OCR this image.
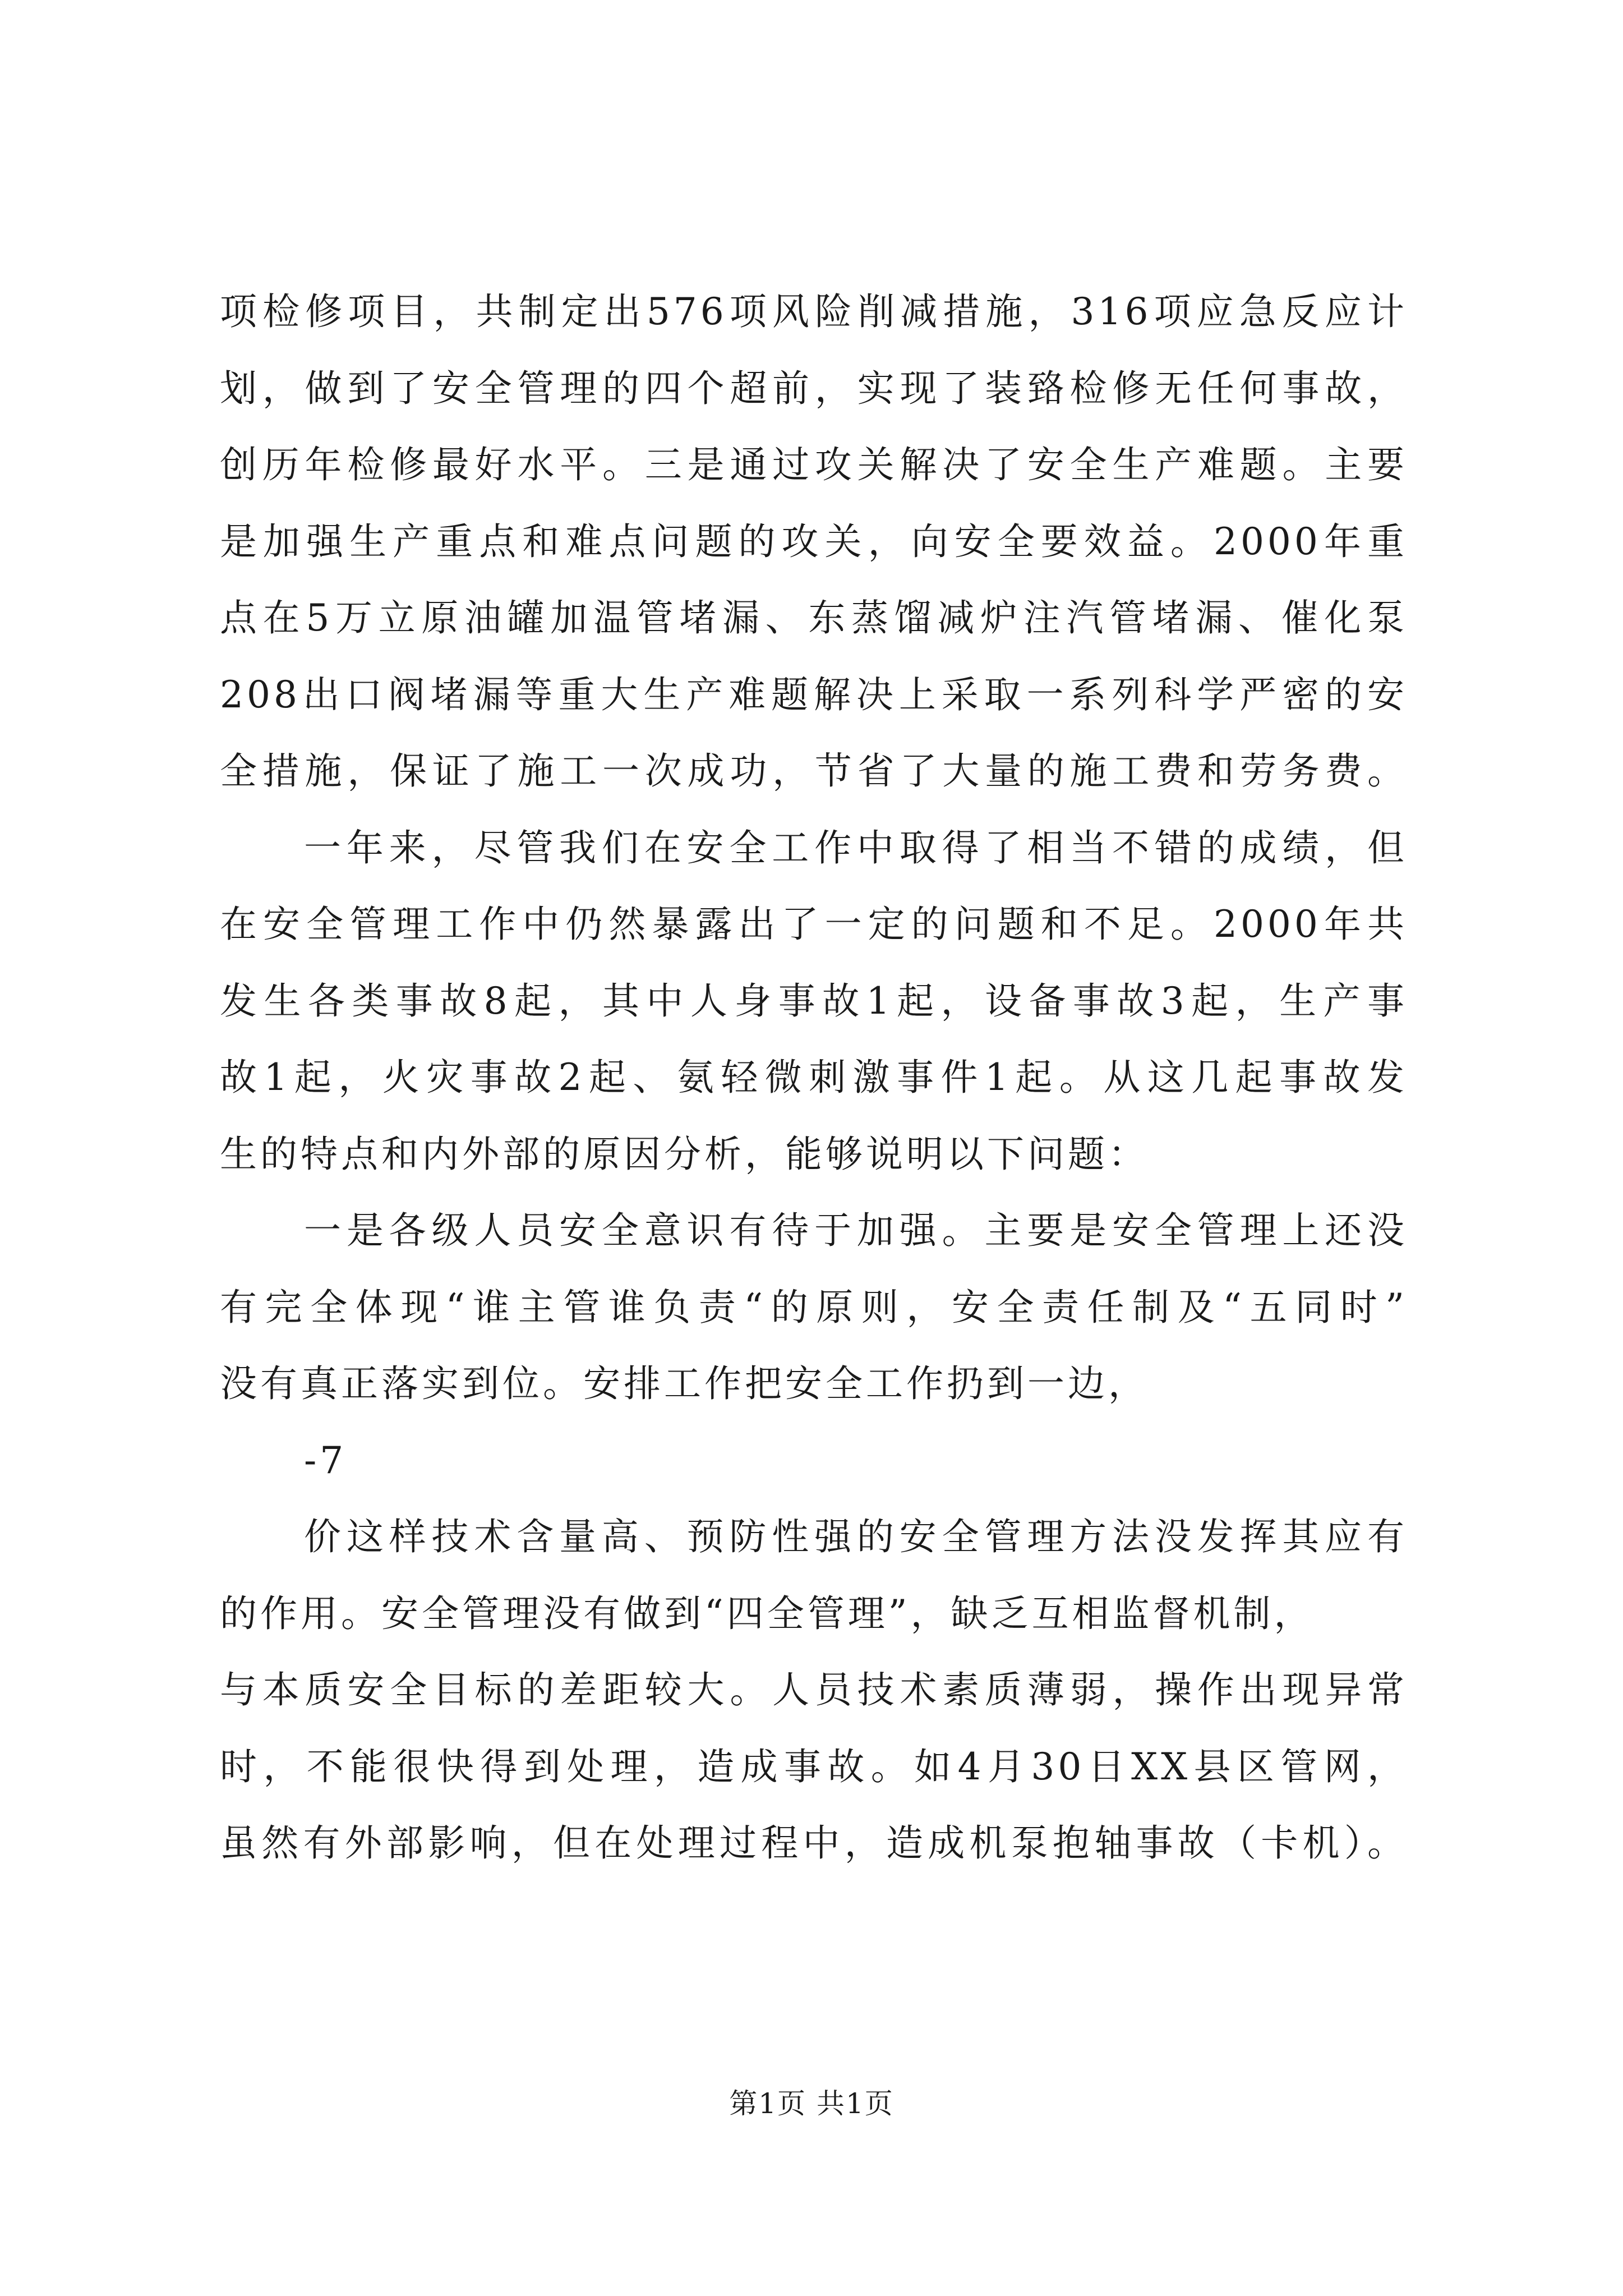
项检修项目，共制定出576项风险削减措施，316项应急反应计
划，做到了安全管理的四个超前，实现了装臵检修无任何事故，
创历年检修最好水平。三是通过攻关解决了安全生产难题。主要
是加强生产重点和难点问题的攻关，向安全要效益。2000年重
点在5万立原油罐加温管堵漏、东蒸馏减炉注汽管堵漏、催化泵
208出口阀堵漏等重大生产难题解决上采取一系列科学严密的安
全措施，保证了施工一次成功，节省了大量的施工费和劳务费。
一年来，尽管我们在安全工作中取得了相当不错的成绩，但
在安全管理工作中仍然暴露出了一定的问题和不足。2000年共
发生各类事故8起，其中人身事故1起，设备事故3起，生产事
故1起，火灾事故2起、氨轻微刺激事件1起。从这几起事故发
生的特点和内外部的原因分析，能够说明以下问题：
一是各级人员安全意识有待于加强。主要是安全管理上还没
有完全体现“谁主管谁负责“的原则，安全责任制及“五同时”
没有真正落实到位。安排工作把安全工作扔到一边，
-7
价这样技术含量高、预防性强的安全管理方法没发挥其应有
的作用。安全管理没有做到“四全管理”，缺乏互相监督机制，
与本质安全目标的差距较大。人员技术素质薄弱，操作出现异常
时，不能很快得到处理，造成事故。如4月30日XX县区管网，
虽然有外部影响，但在处理过程中，造成机泵抱轴事故（卡机）。
第1页 共1页
